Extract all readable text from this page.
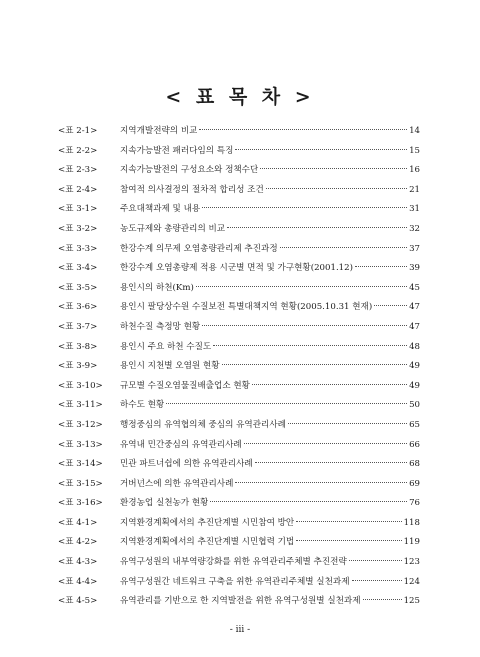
< 표 목 차 >
<표 2-1>	지역개발전략의 비교	14
<표 2-2>	지속가능발전 패러다임의 특징	15
<표 2-3>	지속가능발전의 구성요소와 정책수단	16
<표 2-4>	참여적 의사결정의 절차적 합리성 조건	21
<표 3-1>	주요대책과제 및 내용	31
<표 3-2>	농도규제와 총량관리의 비교	32
<표 3-3>	한강수계 의무제 오염총량관리제 추진과정	37
<표 3-4>	한강수계 오염총량제 적용 시군별 면적 및 가구현황(2001.12)	39
<표 3-5>	용인시의 하천(Km)	45
<표 3-6>	용인시 팔당상수원 수질보전 특별대책지역 현황(2005.10.31 현재)	47
<표 3-7>	하천수질 측정망 현황	47
<표 3-8>	용인시 주요 하천 수질도	48
<표 3-9>	용인시 지천별 오염원 현황	49
<표 3-10>	규모별 수질오염물질배출업소 현황	49
<표 3-11>	하수도 현황	50
<표 3-12>	행정중심의 유역협의체 중심의 유역관리사례	65
<표 3-13>	유역내 민간중심의 유역관리사례	66
<표 3-14>	민관 파트너쉽에 의한 유역관리사례	68
<표 3-15>	거버넌스에 의한 유역관리사례	69
<표 3-16>	환경농업 실천농가 현황	76
<표 4-1>	지역환경계획에서의 추진단계별 시민참여 방안	118
<표 4-2>	지역환경계획에서의 추진단계별 시민협력 기법	119
<표 4-3>	유역구성원의 내부역량강화를 위한 유역관리주체별 추진전략	123
<표 4-4>	유역구성원간 네트워크 구축을 위한 유역관리주체별 실천과제	124
<표 4-5>	유역관리를 기반으로 한 지역발전을 위한 유역구성원별 실천과제	125
- iii -
